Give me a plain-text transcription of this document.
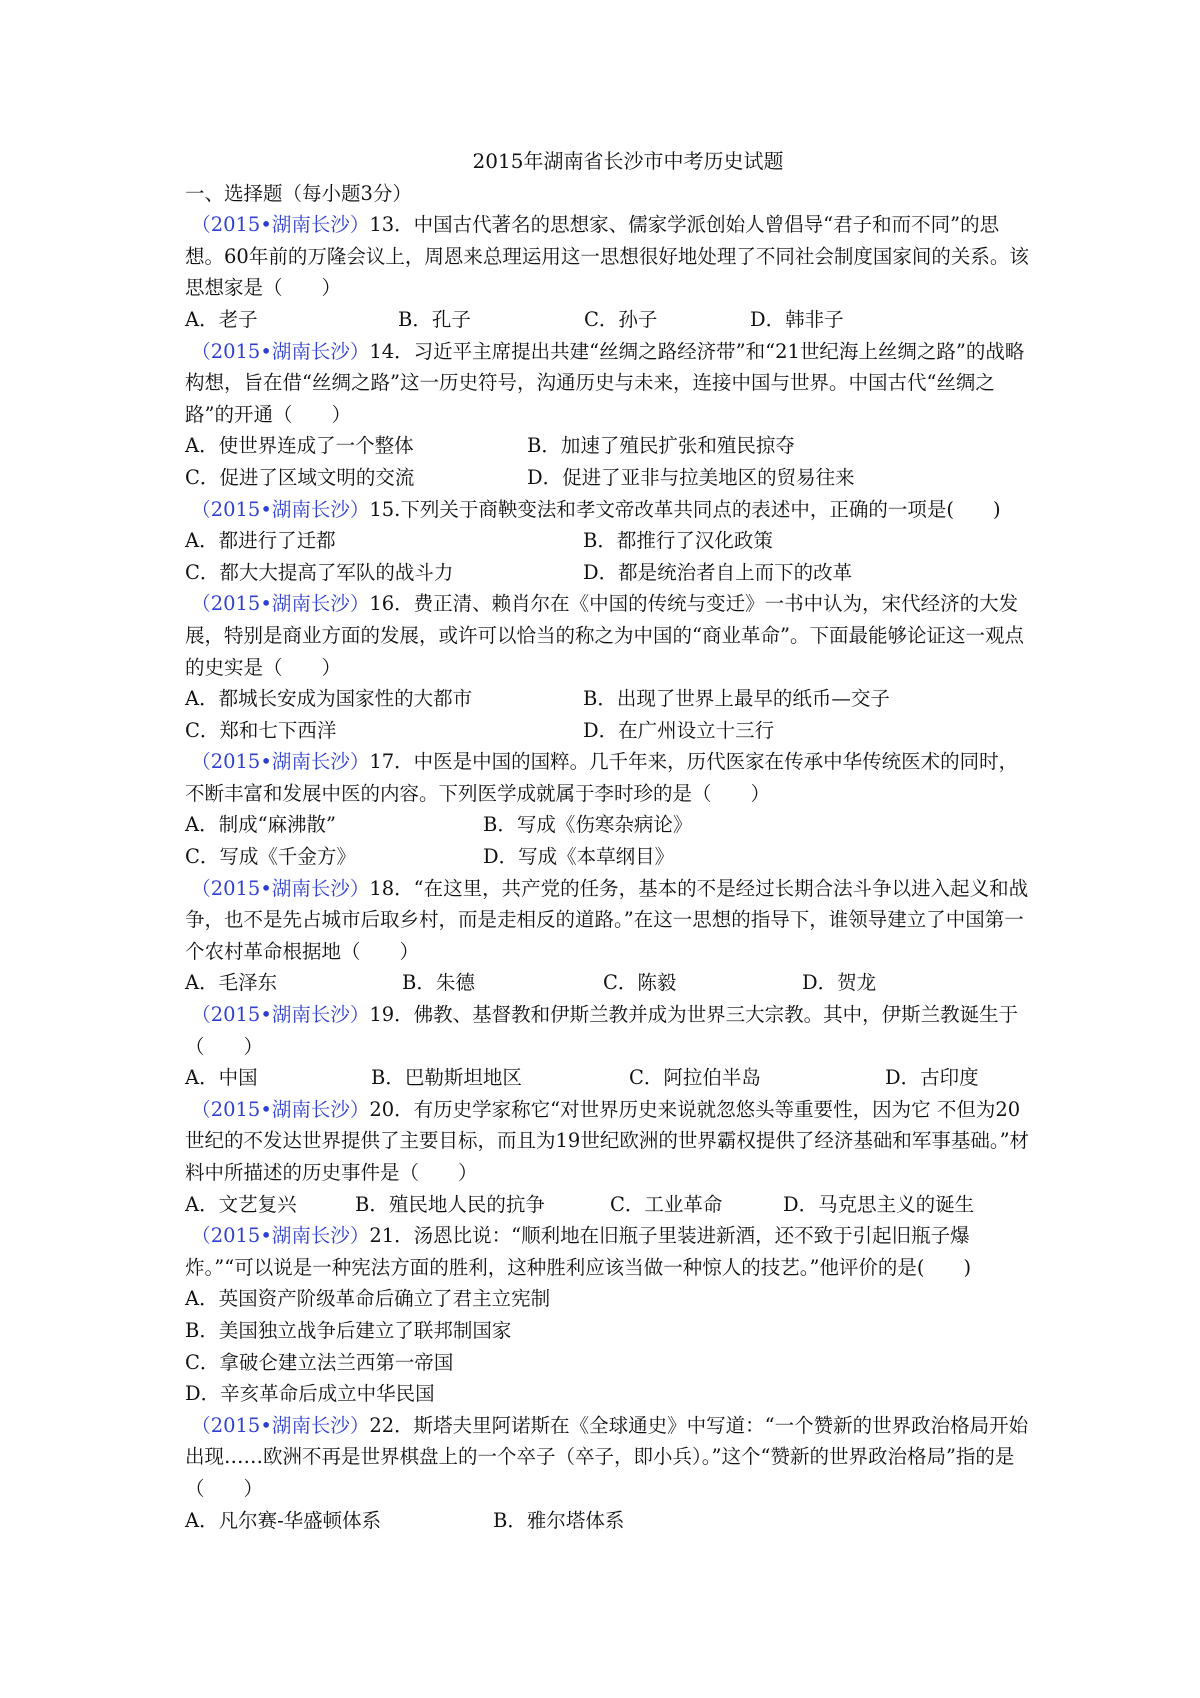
2015年湖南省长沙市中考历史试题
一、选择题（每小题3分）
（2015•湖南长沙）13．中国古代著名的思想家、儒家学派创始人曾倡导“君子和而不同”的思想。60年前的万隆会议上，周恩来总理运用这一思想很好地处理了不同社会制度国家间的关系。该思想家是（　　）
A．老子	B．孔子	C．孙子	D．韩非子
（2015•湖南长沙）14．习近平主席提出共建“丝绸之路经济带”和“21世纪海上丝绸之路”的战略构想，旨在借“丝绸之路”这一历史符号，沟通历史与未来，连接中国与世界。中国古代“丝绸之路”的开通（　　）
A．使世界连成了一个整体	B．加速了殖民扩张和殖民掠夺
C．促进了区域文明的交流	D．促进了亚非与拉美地区的贸易往来
（2015•湖南长沙）15.下列关于商鞅变法和孝文帝改革共同点的表述中，正确的一项是(　　)
A．都进行了迁都	B．都推行了汉化政策
C．都大大提高了军队的战斗力	D．都是统治者自上而下的改革
（2015•湖南长沙）16．费正清、赖肖尔在《中国的传统与变迁》一书中认为，宋代经济的大发展，特别是商业方面的发展，或许可以恰当的称之为中国的“商业革命”。下面最能够论证这一观点的史实是（　　）
A．都城长安成为国家性的大都市	B．出现了世界上最早的纸币—交子
C．郑和七下西洋	D．在广州设立十三行
（2015•湖南长沙）17．中医是中国的国粹。几千年来，历代医家在传承中华传统医术的同时，不断丰富和发展中医的内容。下列医学成就属于李时珍的是（　　）
A．制成“麻沸散”	B．写成《伤寒杂病论》
C．写成《千金方》	D．写成《本草纲目》
（2015•湖南长沙）18．“在这里，共产党的任务，基本的不是经过长期合法斗争以进入起义和战争，也不是先占城市后取乡村，而是走相反的道路。”在这一思想的指导下，谁领导建立了中国第一个农村革命根据地（　　）
A．毛泽东	B．朱德	C．陈毅	D．贺龙
（2015•湖南长沙）19．佛教、基督教和伊斯兰教并成为世界三大宗教。其中，伊斯兰教诞生于（　　）
A．中国	B．巴勒斯坦地区	C．阿拉伯半岛	D．古印度
（2015•湖南长沙）20．有历史学家称它“对世界历史来说就忽悠头等重要性，因为它 不但为20世纪的不发达世界提供了主要目标，而且为19世纪欧洲的世界霸权提供了经济基础和军事基础。”材料中所描述的历史事件是（　　）
A．文艺复兴	B．殖民地人民的抗争	C．工业革命	D．马克思主义的诞生
（2015•湖南长沙）21．汤恩比说：“顺利地在旧瓶子里装进新酒，还不致于引起旧瓶子爆炸。”“可以说是一种宪法方面的胜利，这种胜利应该当做一种惊人的技艺。”他评价的是(　　)
A．英国资产阶级革命后确立了君主立宪制
B．美国独立战争后建立了联邦制国家
C．拿破仑建立法兰西第一帝国
D．辛亥革命后成立中华民国
（2015•湖南长沙）22．斯塔夫里阿诺斯在《全球通史》中写道：“一个赞新的世界政治格局开始出现……欧洲不再是世界棋盘上的一个卒子（卒子，即小兵）。”这个“赞新的世界政治格局”指的是（　　）
A．凡尔赛-华盛顿体系	B．雅尔塔体系
